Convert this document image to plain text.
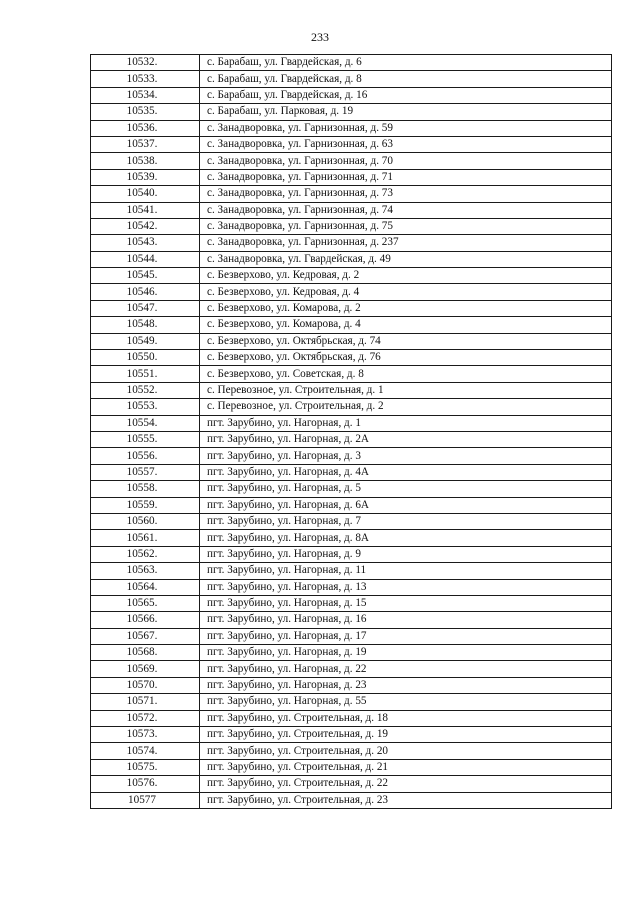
233
10532.	с. Барабаш, ул. Гвардейская, д. 6
10533.	с. Барабаш, ул. Гвардейская, д. 8
10534.	с. Барабаш, ул. Гвардейская, д. 16
10535.	с. Барабаш, ул. Парковая, д. 19
10536.	с. Занадворовка, ул. Гарнизонная, д. 59
10537.	с. Занадворовка, ул. Гарнизонная, д. 63
10538.	с. Занадворовка, ул. Гарнизонная, д. 70
10539.	с. Занадворовка, ул. Гарнизонная, д. 71
10540.	с. Занадворовка, ул. Гарнизонная, д. 73
10541.	с. Занадворовка, ул. Гарнизонная, д. 74
10542.	с. Занадворовка, ул. Гарнизонная, д. 75
10543.	с. Занадворовка, ул. Гарнизонная, д. 237
10544.	с. Занадворовка, ул. Гвардейская, д. 49
10545.	с. Безверхово, ул. Кедровая, д. 2
10546.	с. Безверхово, ул. Кедровая, д. 4
10547.	с. Безверхово, ул. Комарова, д. 2
10548.	с. Безверхово, ул. Комарова, д. 4
10549.	с. Безверхово, ул. Октябрьская, д. 74
10550.	с. Безверхово, ул. Октябрьская, д. 76
10551.	с. Безверхово, ул. Советская, д. 8
10552.	с. Перевозное, ул. Строительная, д. 1
10553.	с. Перевозное, ул. Строительная, д. 2
10554.	пгт. Зарубино, ул. Нагорная, д. 1
10555.	пгт. Зарубино, ул. Нагорная, д. 2А
10556.	пгт. Зарубино, ул. Нагорная, д. 3
10557.	пгт. Зарубино, ул. Нагорная, д. 4А
10558.	пгт. Зарубино, ул. Нагорная, д. 5
10559.	пгт. Зарубино, ул. Нагорная, д. 6А
10560.	пгт. Зарубино, ул. Нагорная, д. 7
10561.	пгт. Зарубино, ул. Нагорная, д. 8А
10562.	пгт. Зарубино, ул. Нагорная, д. 9
10563.	пгт. Зарубино, ул. Нагорная, д. 11
10564.	пгт. Зарубино, ул. Нагорная, д. 13
10565.	пгт. Зарубино, ул. Нагорная, д. 15
10566.	пгт. Зарубино, ул. Нагорная, д. 16
10567.	пгт. Зарубино, ул. Нагорная, д. 17
10568.	пгт. Зарубино, ул. Нагорная, д. 19
10569.	пгт. Зарубино, ул. Нагорная, д. 22
10570.	пгт. Зарубино, ул. Нагорная, д. 23
10571.	пгт. Зарубино, ул. Нагорная, д. 55
10572.	пгт. Зарубино, ул. Строительная, д. 18
10573.	пгт. Зарубино, ул. Строительная, д. 19
10574.	пгт. Зарубино, ул. Строительная, д. 20
10575.	пгт. Зарубино, ул. Строительная, д. 21
10576.	пгт. Зарубино, ул. Строительная, д. 22
10577	пгт. Зарубино, ул. Строительная, д. 23
